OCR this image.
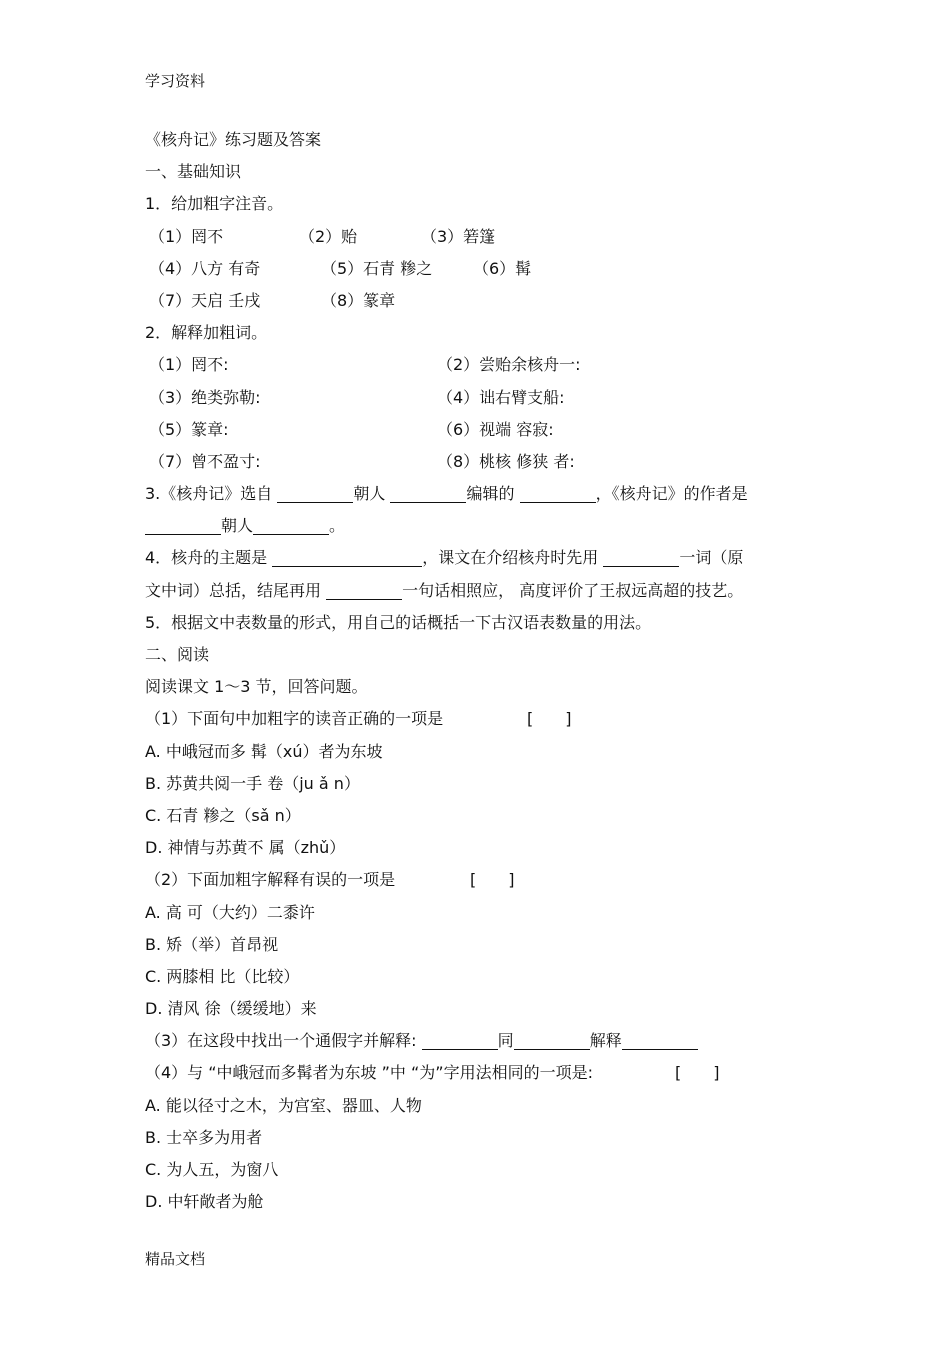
学习资料
《核舟记》练习题及答案
一、基础知识
1．给加粗字注音。
（1）罔不	（2）贻	（3）箬篷
（4）八方 有奇	（5）石青 糁之	（6）髯
（7）天启 壬戌	（8）篆章
2．解释加粗词。
（1）罔不:	（2）尝贻余核舟一:
（3）绝类弥勒:	（4）诎右臂支船:
（5）篆章:	（6）视端 容寂:
（7）曾不盈寸:	（8）桃核 修狭 者:
3.《核舟记》选自	朝人	编辑的	，《核舟记》的作者是
朝人	。
4．核舟的主题是	，课文在介绍核舟时先用	一词（原
文中词）总括，结尾再用	一句话相照应， 高度评价了王叔远高超的技艺。
5．根据文中表数量的形式，用自己的话概括一下古汉语表数量的用法。
二、阅读
阅读课文 1～3 节，回答问题。
（1）下面句中加粗字的读音正确的一项是	[　　]
A. 中峨冠而多 髯（xú）者为东坡
B. 苏黄共阅一手 卷（ju ǎ n）
C. 石青 糁之（sǎ n）
D. 神情与苏黄不 属（zhǔ）
（2）下面加粗字解释有误的一项是	[　　]
A. 高 可（大约）二黍许
B. 矫（举）首昂视
C. 两膝相 比（比较）
D. 清风 徐（缓缓地）来
（3）在这段中找出一个通假字并解释:	同	解释
（4）与 “中峨冠而多髯者为东坡 ”中 “为”字用法相同的一项是:	[　　]
A. 能以径寸之木，为宫室、器皿、人物
B. 士卒多为用者
C. 为人五，为窗八
D. 中轩敞者为舱
精品文档
